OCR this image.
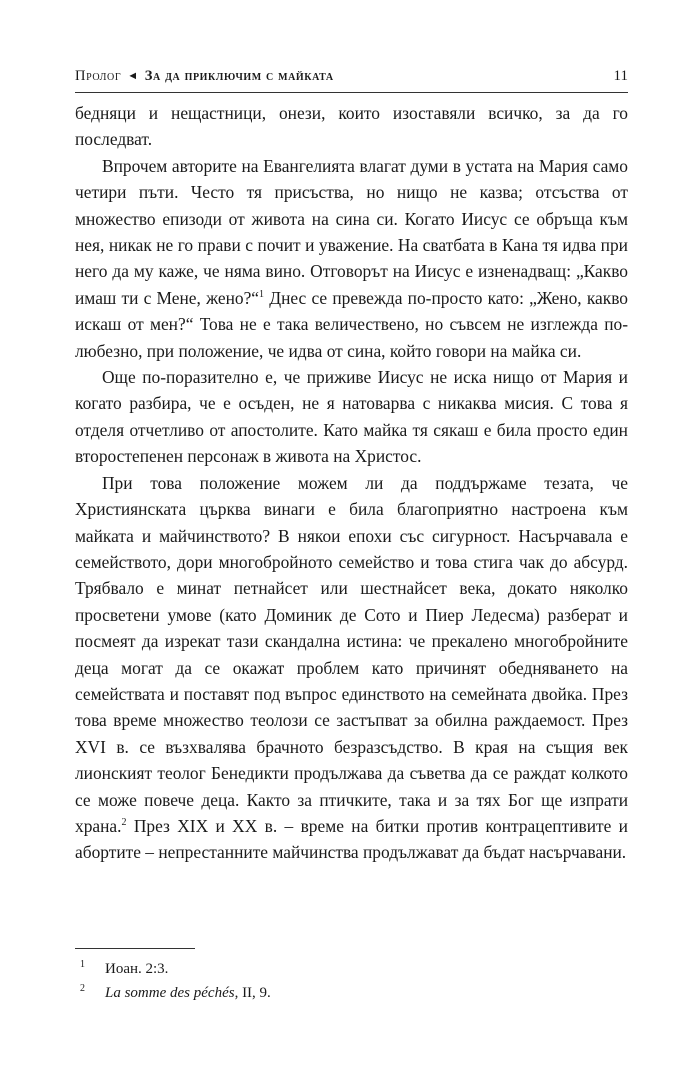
Пролог ◄ За да приключим с майката	11

бедняци и нещастници, онези, които изоставяли всичко, за да го последват.

Впрочем авторите на Евангелията влагат думи в устата на Мария само четири пъти. Често тя присъства, но нищо не казва; отсъства от множество епизоди от живота на сина си. Когато Иисус се обръща към нея, никак не го прави с почит и уважение. На сватбата в Кана тя идва при него да му каже, че няма вино. Отговорът на Иисус е изненадващ: „Какво имаш ти с Мене, жено?“$^1$ Днес се превежда по-просто като: „Жено, какво искаш от мен?“ Това не е така величествено, но съвсем не изглежда по-любезно, при положение, че идва от сина, който говори на майка си.

Още по-поразително е, че приживе Иисус не иска нищо от Мария и когато разбира, че е осъден, не я натоварва с никаква мисия. С това я отделя отчетливо от апостолите. Като майка тя сякаш е била просто един второстепенен персонаж в живота на Христос.

При това положение можем ли да поддържаме тезата, че Християнската църква винаги е била благоприятно настроена към майката и майчинството? В някои епохи със сигурност. Насърчавала е семейството, дори многобройното семейство и това стига чак до абсурд. Трябвало е минат петнайсет или шестнайсет века, докато няколко просветени умове (като Доминик де Сото и Пиер Ледесма) разберат и посмеят да изрекат тази скандална истина: че прекалено многобройните деца могат да се окажат проблем като причинят обедняването на семействата и поставят под въпрос единството на семейната двойка. През това време множество теолози се застъпват за обилна раждаемост. През XVI в. се възхвалява брачното безразсъдство. В края на същия век лионският теолог Бенедикти продължава да съветва да се раждат колкото се може повече деца. Както за птичките, така и за тях Бог ще изпрати храна.$^2$ През XIX и XX в. – време на битки против контрацептивите и абортите – непрестанните майчинства продължават да бъдат насърчавани.

1 Иоан. 2:3.
2 La somme des péchés, II, 9.
